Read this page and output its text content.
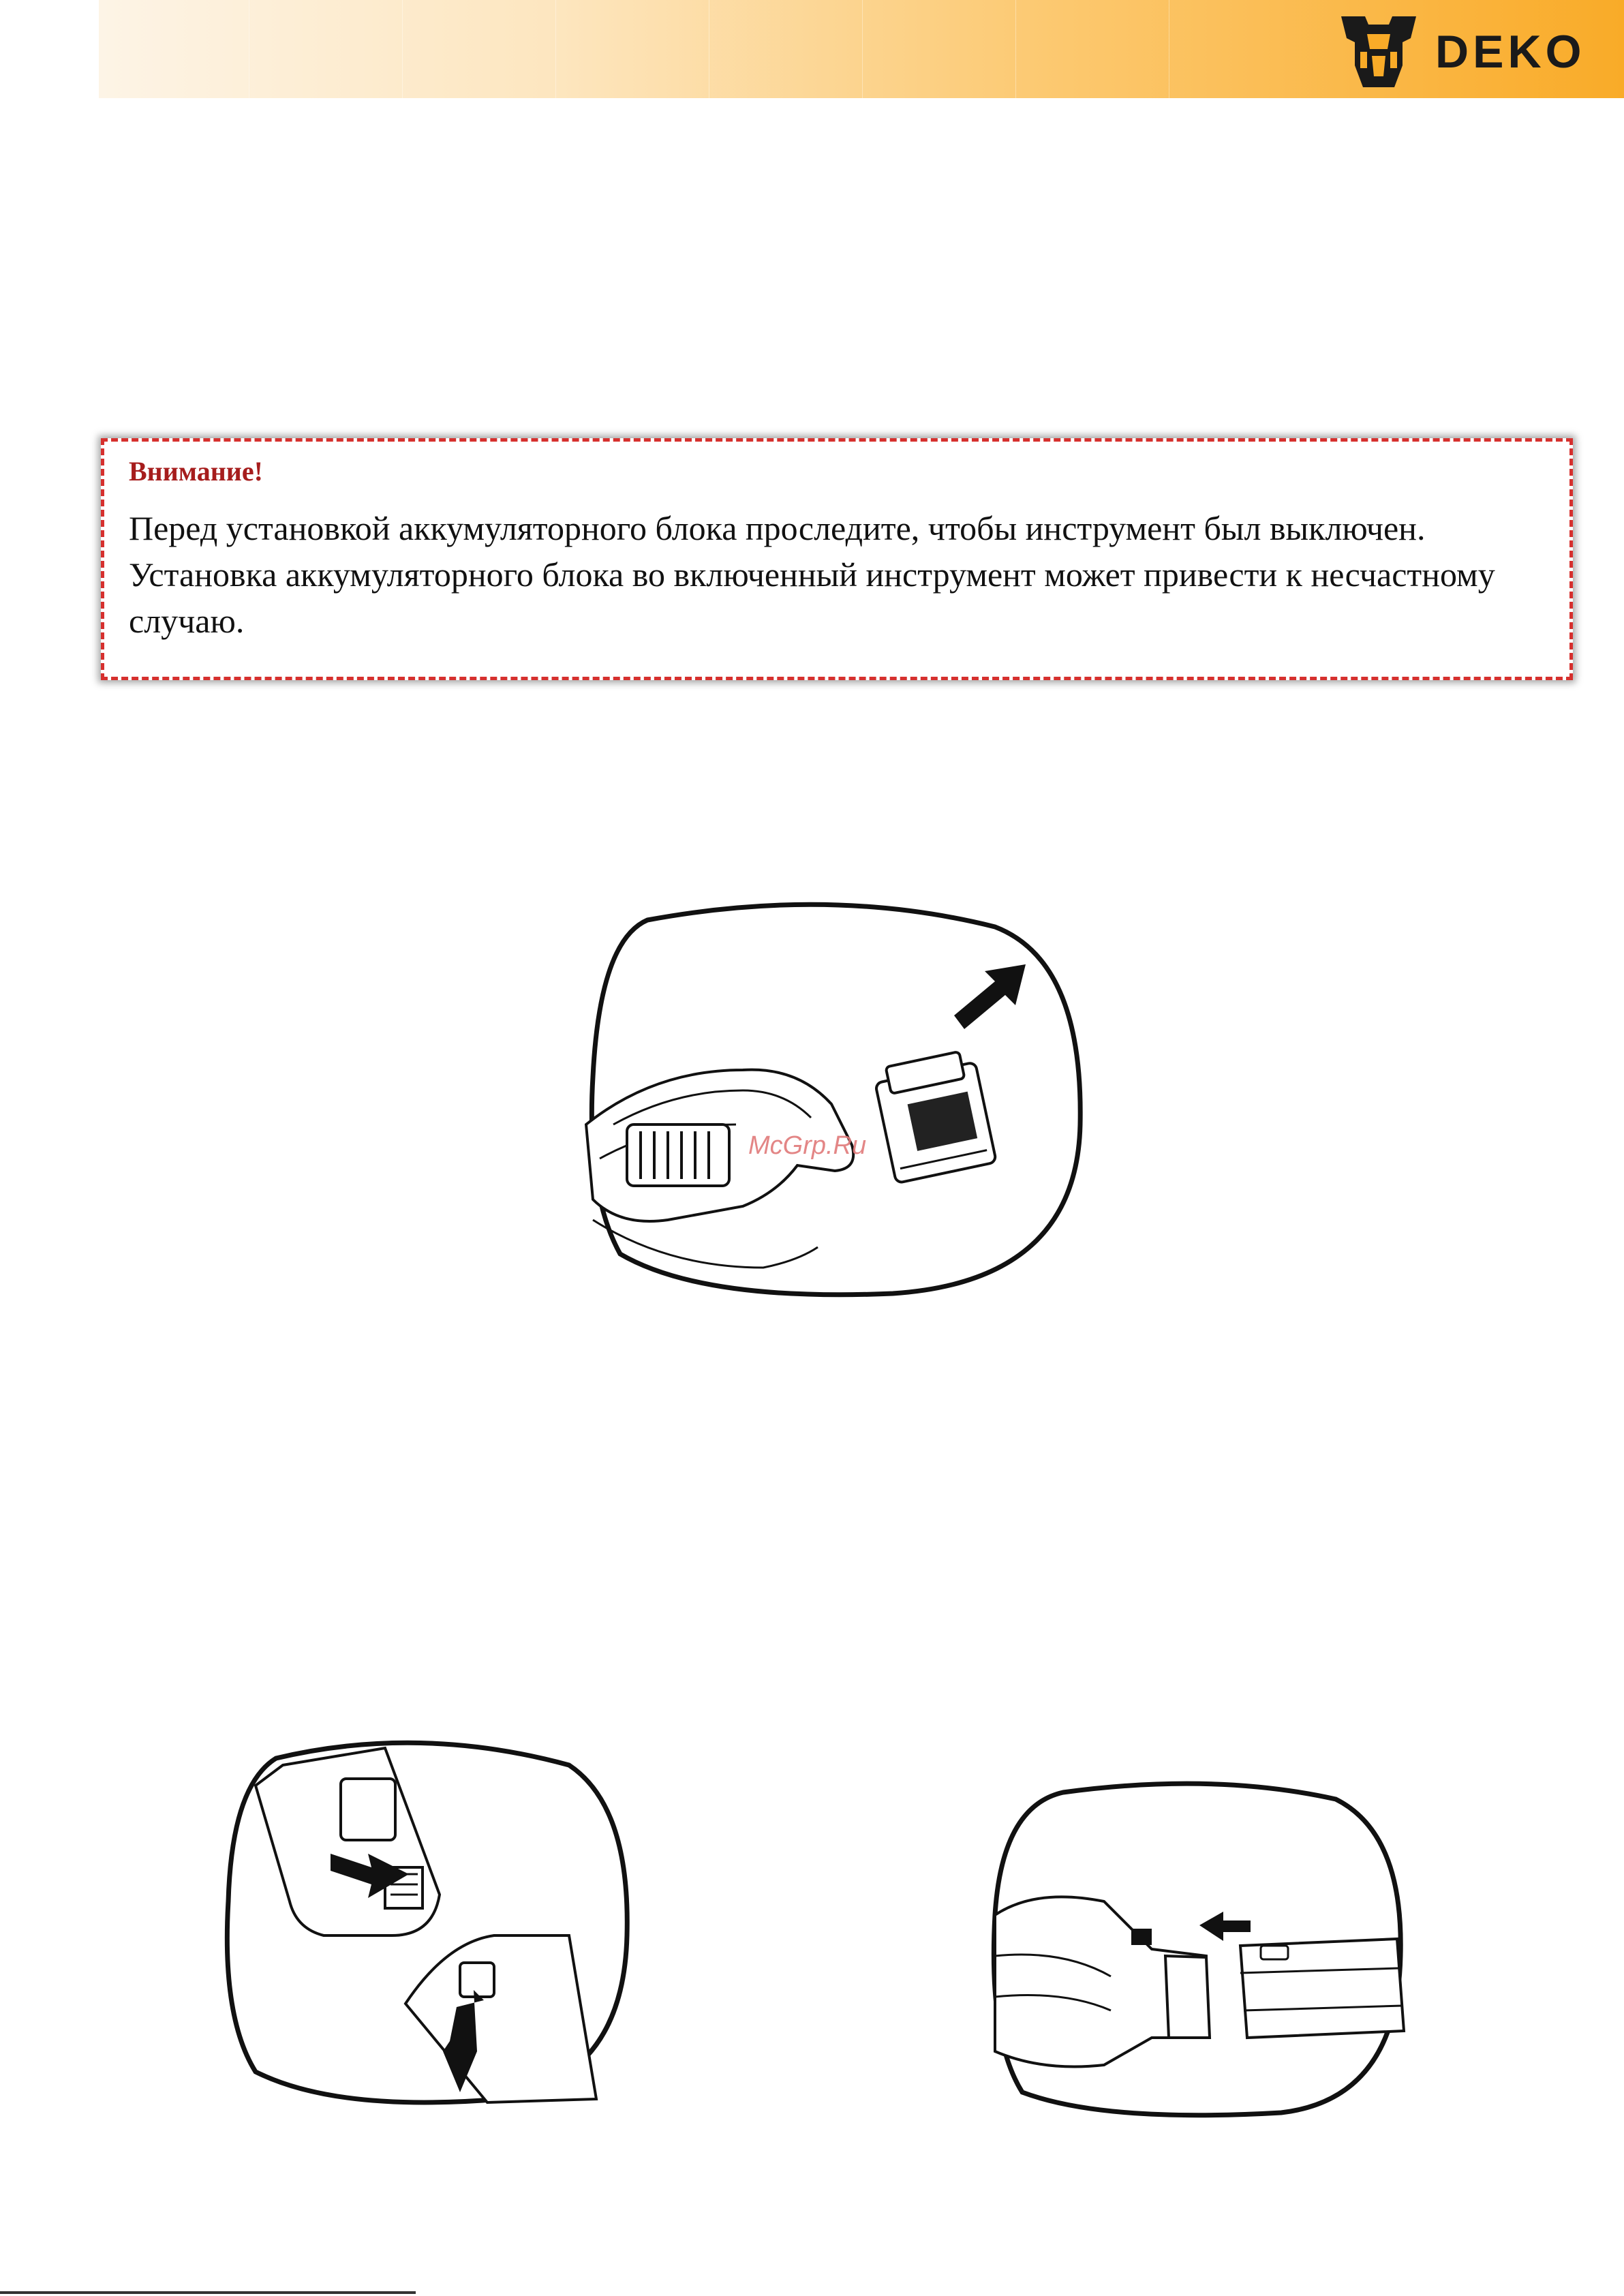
DEKO

Внимание!

Перед установкой аккумуляторного блока проследите, чтобы инструмент был выключен. Установка аккумуляторного блока во включенный инструмент может привести к несчастному случаю.

McGrp.Ru
